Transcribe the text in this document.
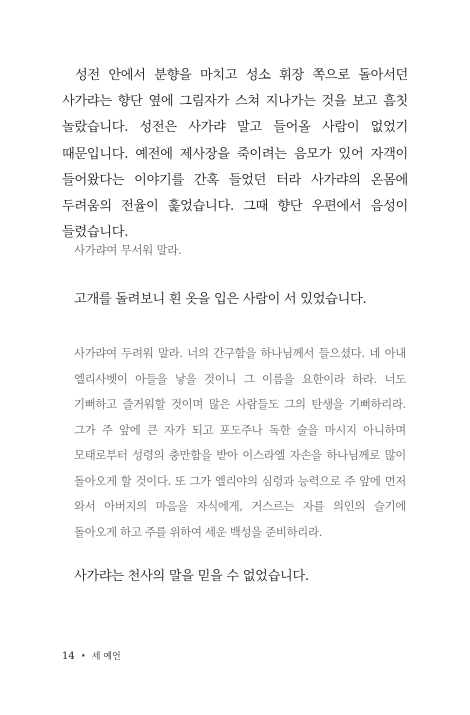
성전 안에서 분향을 마치고 성소 휘장 쪽으로 돌아서던 사가랴는 향단 옆에 그림자가 스쳐 지나가는 것을 보고 흠칫 놀랐습니다. 성전은 사가랴 말고 들어올 사람이 없었기 때문입니다. 예전에 제사장을 죽이려는 음모가 있어 자객이 들어왔다는 이야기를 간혹 들었던 터라 사가랴의 온몸에 두려움의 전율이 훑었습니다. 그때 향단 우편에서 음성이 들렸습니다.

사가랴여 무서워 말라.

고개를 돌려보니 흰 옷을 입은 사람이 서 있었습니다.

사가랴여 두려워 말라. 너의 간구함을 하나님께서 들으셨다. 네 아내 엘리사벳이 아들을 낳을 것이니 그 이름을 요한이라 하라. 너도 기뻐하고 즐거워할 것이며 많은 사람들도 그의 탄생을 기뻐하리라. 그가 주 앞에 큰 자가 되고 포도주나 독한 술을 마시지 아니하며 모태로부터 성령의 충만함을 받아 이스라엘 자손을 하나님께로 많이 돌아오게 할 것이다. 또 그가 엘리야의 심령과 능력으로 주 앞에 먼저 와서 아버지의 마음을 자식에게, 거스르는 자를 의인의 슬기에 돌아오게 하고 주를 위하여 세운 백성을 준비하리라.

사가랴는 천사의 말을 믿을 수 없었습니다.

14 • 세 예언
